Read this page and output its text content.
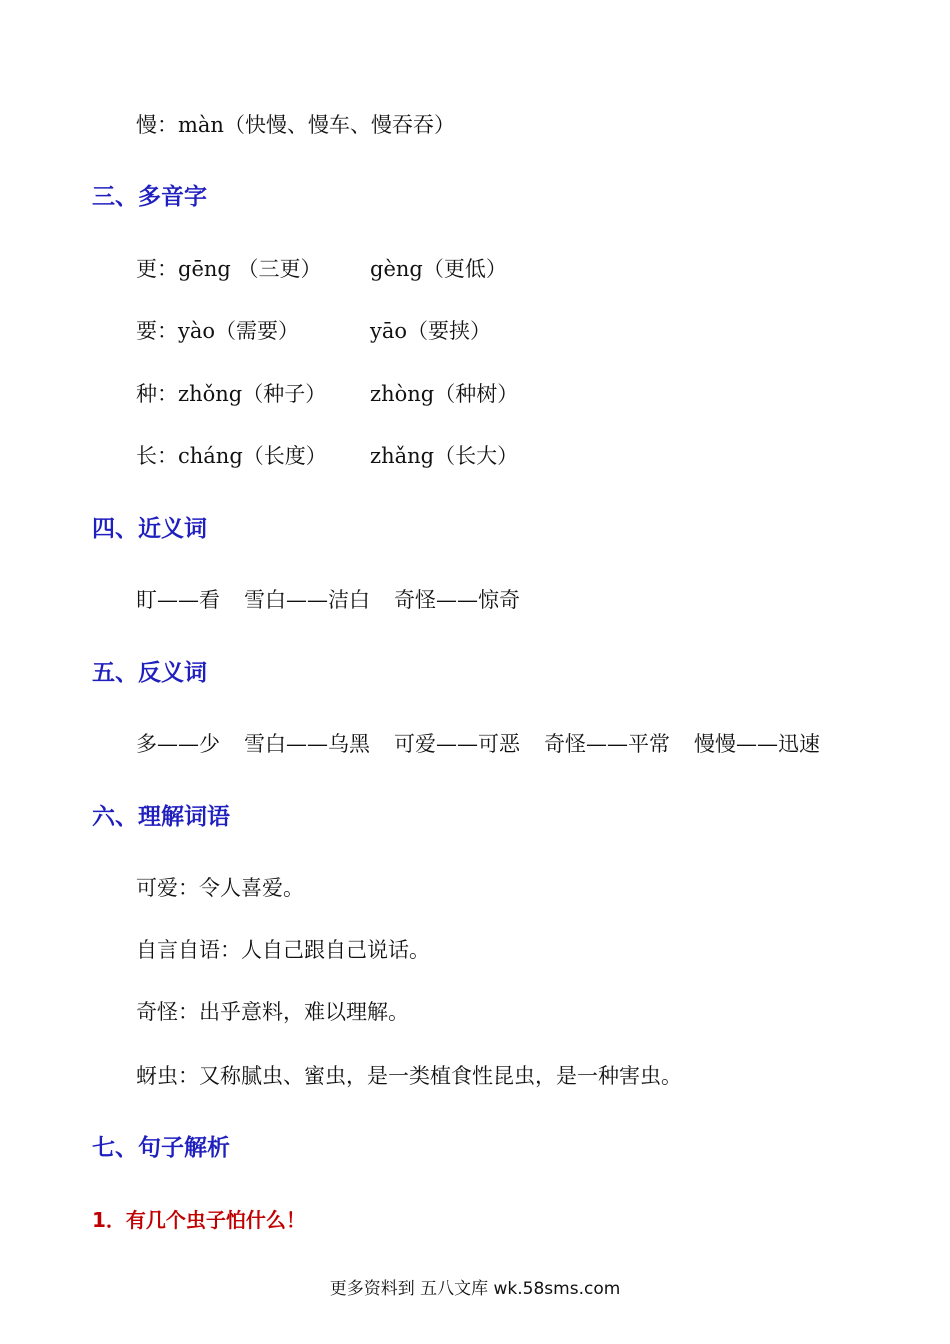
慢：màn（快慢、慢车、慢吞吞）
三、多音字
更：gēng （三更） gèng（更低）
要：yào（需要）	yāo（要挟）
种：zhǒng（种子） zhòng（种树）
长：cháng（长度） zhǎng（长大）
四、近义词
盯——看 雪白——洁白 奇怪——惊奇
五、反义词
多——少 雪白——乌黑 可爱——可恶 奇怪——平常 慢慢——迅速
六、理解词语
可爱：令人喜爱。
自言自语：人自己跟自己说话。
奇怪：出乎意料，难以理解。
蚜虫：又称腻虫、蜜虫，是一类植食性昆虫，是一种害虫。
七、句子解析
1．有几个虫子怕什么！
更多资料到 五八文库 wk.58sms.com
